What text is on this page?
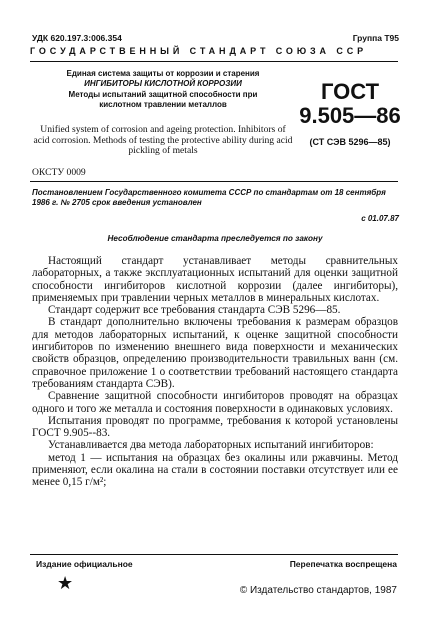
УДК 620.197.3:006.354	Группа Т95
ГОСУДАРСТВЕННЫЙ СТАНДАРТ СОЮЗА ССР
Единая система защиты от коррозии и старения
ИНГИБИТОРЫ КИСЛОТНОЙ КОРРОЗИИ
Методы испытаний защитной способности при
кислотном травлении металлов	ГОСТ
9.505—86
(СТ СЭВ 5296—85)
Unified system of corrosion and ageing protection. Inhibitors of acid corrosion. Methods of testing the protective ability during acid pickling of metals
ОКСТУ 0009
Постановлением Государственного комитета СССР по стандартам от 18 сентября 1986 г. № 2705 срок введения установлен
с 01.07.87
Несоблюдение стандарта преследуется по закону

Настоящий стандарт устанавливает методы сравнительных лабораторных, а также эксплуатационных испытаний для оценки защитной способности ингибиторов кислотной коррозии (далее ингибиторы), применяемых при травлении черных металлов в минеральных кислотах.

Стандарт содержит все требования стандарта СЭВ 5296—85.

В стандарт дополнительно включены требования к размерам образцов для методов лабораторных испытаний, к оценке защитной способности ингибиторов по изменению внешнего вида поверхности и механических свойств образцов, определению производительности травильных ванн (см. справочное приложение 1 о соответствии требований настоящего стандарта требованиям стандарта СЭВ).

Сравнение защитной способности ингибиторов проводят на образцах одного и того же металла и состояния поверхности в одинаковых условиях.

Испытания проводят по программе, требования к которой установлены ГОСТ 9.905--83.

Устанавливается два метода лабораторных испытаний ингибиторов:

метод 1 — испытания на образцах без окалины или ржавчины. Метод применяют, если окалина на стали в состоянии поставки отсутствует или ее менее 0,15 г/м²;

Издание официальное	Перепечатка воспрещена
★	© Издательство стандартов, 1987
